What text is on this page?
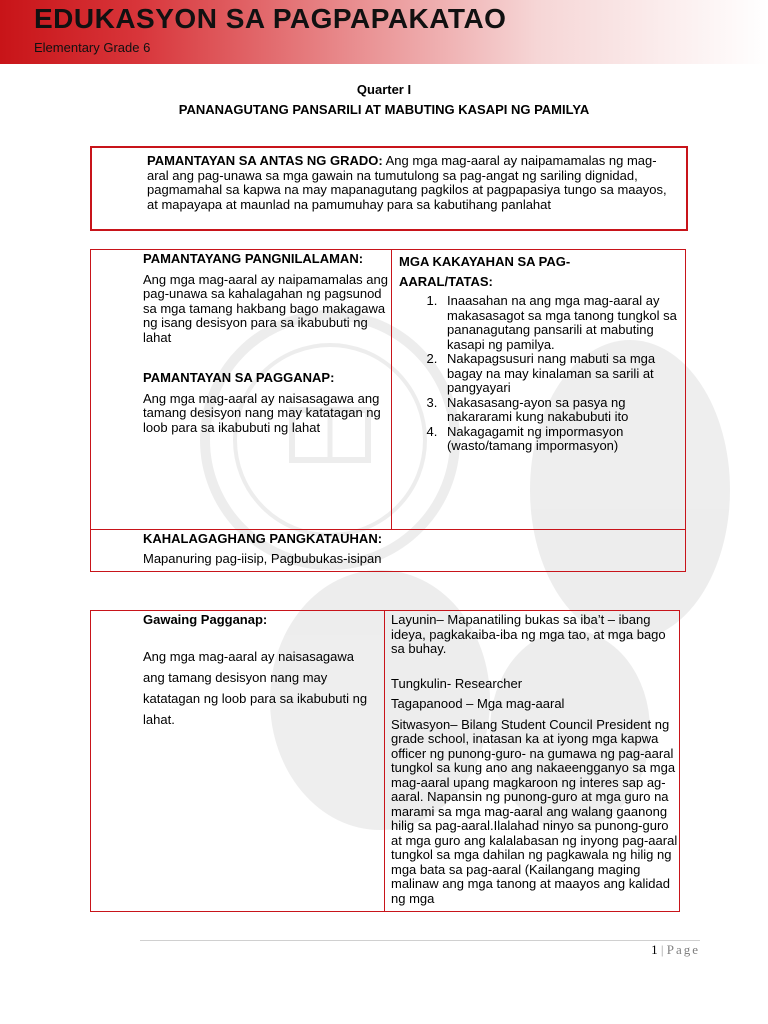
EDUKASYON SA PAGPAPAKATAO
Elementary Grade 6
Quarter I
PANANAGUTANG PANSARILI AT MABUTING KASAPI NG PAMILYA
PAMANTAYAN SA ANTAS NG GRADO: Ang mga mag-aaral ay naipamamalas ng mag-aral ang pag-unawa sa mga gawain na tumutulong sa pag-angat ng sariling dignidad, pagmamahal sa kapwa na may mapanagutang pagkilos at pagpapasiya tungo sa maayos, at mapayapa at maunlad na pamumuhay para sa kabutihang panlahat
PAMANTAYANG PANGNILALAMAN:
Ang mga mag-aaral ay naipamamalas ang pag-unawa sa kahalagahan ng pagsunod sa mga tamang hakbang bago makagawa ng isang desisyon para sa ikabubuti ng lahat
PAMANTAYAN SA PAGGANAP:
Ang mga mag-aaral ay naisasagawa ang tamang desisyon nang may katatagan ng loob para sa ikabubuti ng lahat
MGA KAKAYAHAN SA PAG-AARAL/TATAS:
1. Inaasahan na ang mga mag-aaral ay makasasagot sa mga tanong tungkol sa pananagutang pansarili at mabuting kasapi ng pamilya.
2. Nakapagsusuri nang mabuti sa mga bagay na may kinalaman sa sarili at pangyayari
3. Nakasasang-ayon sa pasya ng nakararami kung nakabubuti ito
4. Nakagagamit ng impormasyon (wasto/tamang impormasyon)
KAHALAGAGHANG PANGKATAUHAN:
Mapanuring pag-iisip, Pagbubukas-isipan
Gawaing Pagganap:
Ang mga mag-aaral ay naisasagawa ang tamang desisyon nang may katatagan ng loob para sa ikabubuti ng lahat.
Layunin– Mapanatiling bukas sa iba’t – ibang ideya, pagkakaiba-iba ng mga tao, at mga bago sa buhay.
Tungkulin- Researcher
Tagapanood – Mga mag-aaral
Sitwasyon– Bilang Student Council President ng grade school, inatasan ka at iyong mga kapwa officer ng punong-guro- na gumawa ng pag-aaral tungkol sa kung ano ang nakaeengganyo sa mga mag-aaral upang magkaroon ng interes sap ag-aaral. Napansin ng punong-guro at mga guro na marami sa mga mag-aaral ang walang gaanong hilig sa pag-aaral.Ilalahad ninyo sa punong-guro at mga guro ang kalalabasan ng inyong pag-aaral tungkol sa mga dahilan ng pagkawala ng hilig ng mga bata sa pag-aaral (Kailangang maging malinaw ang mga tanong at maayos ang kalidad ng mga
1 | Page
